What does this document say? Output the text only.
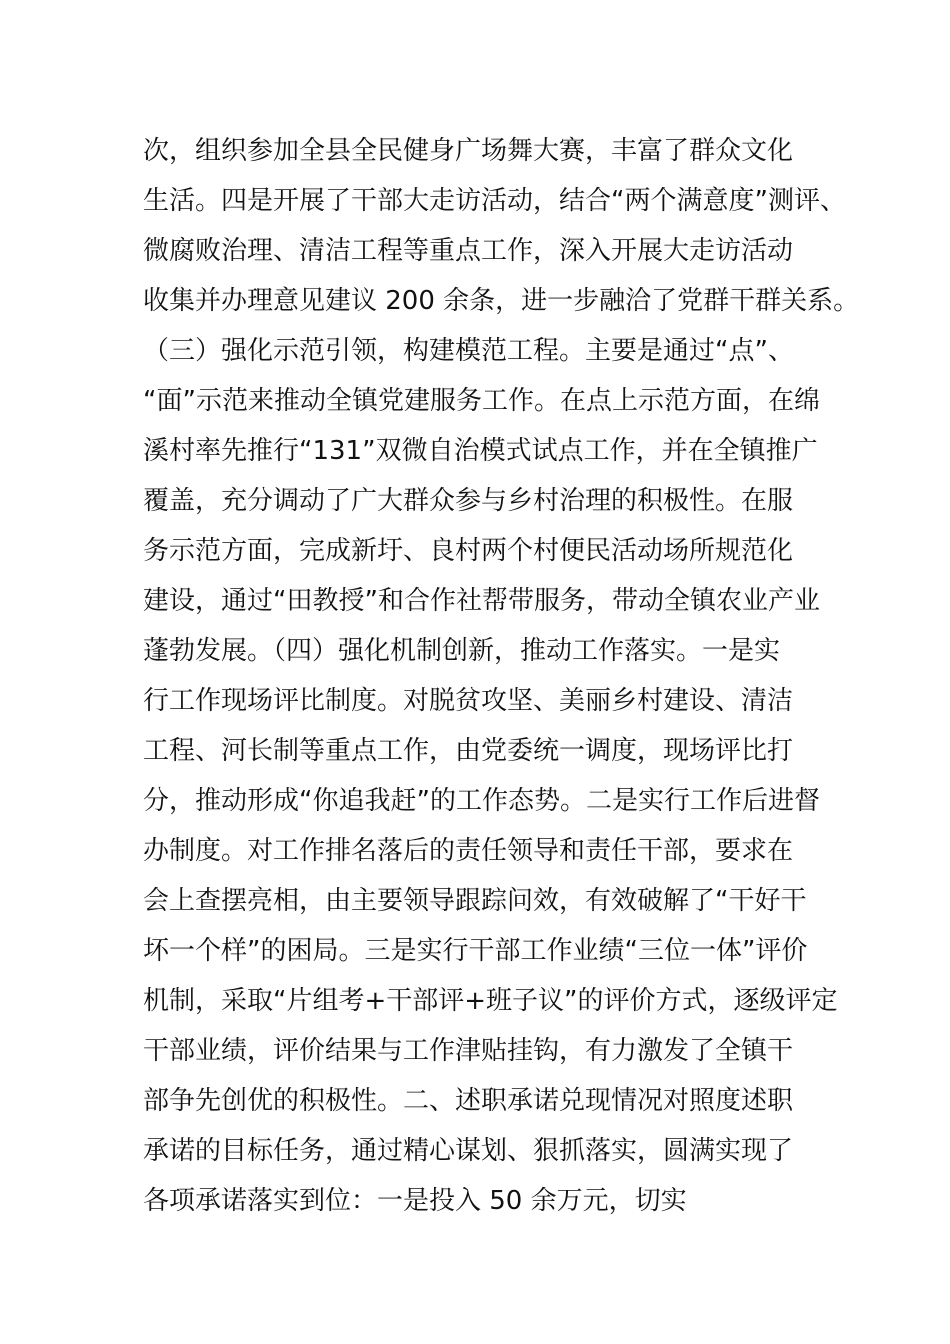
次，组织参加全县全民健身广场舞大赛，丰富了群众文化
生活。四是开展了干部大走访活动，结合“两个满意度”测评、
微腐败治理、清洁工程等重点工作，深入开展大走访活动
收集并办理意见建议 200 余条，进一步融洽了党群干群关系。
（三）强化示范引领，构建模范工程。主要是通过“点”、
“面”示范来推动全镇党建服务工作。在点上示范方面，在绵
溪村率先推行“131”双微自治模式试点工作，并在全镇推广
覆盖，充分调动了广大群众参与乡村治理的积极性。在服
务示范方面，完成新圩、良村两个村便民活动场所规范化
建设，通过“田教授”和合作社帮带服务，带动全镇农业产业
蓬勃发展。（四）强化机制创新，推动工作落实。一是实
行工作现场评比制度。对脱贫攻坚、美丽乡村建设、清洁
工程、河长制等重点工作，由党委统一调度，现场评比打
分，推动形成“你追我赶”的工作态势。二是实行工作后进督
办制度。对工作排名落后的责任领导和责任干部，要求在
会上查摆亮相，由主要领导跟踪问效，有效破解了“干好干
坏一个样”的困局。三是实行干部工作业绩“三位一体”评价
机制，采取“片组考+干部评+班子议”的评价方式，逐级评定
干部业绩，评价结果与工作津贴挂钩，有力激发了全镇干
部争先创优的积极性。二、述职承诺兑现情况对照度述职
承诺的目标任务，通过精心谋划、狠抓落实，圆满实现了
各项承诺落实到位：一是投入 50 余万元，切实
